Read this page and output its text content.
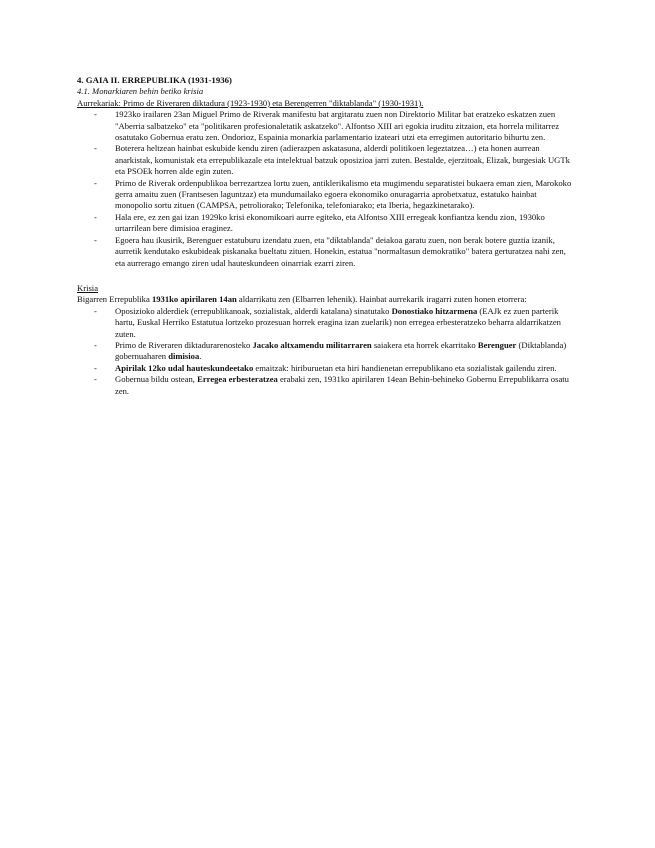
4. GAIA II. ERREPUBLIKA (1931-1936)

4.1. Monarkiaren behin betiko krisia

Aurrekariak: Primo de Riveraren diktadura (1923-1930) eta Berengerren "diktablanda" (1930-1931).

- 1923ko irailaren 23an Miguel Primo de Riverak manifestu bat argitaratu zuen non Direktorio Militar bat eratzeko eskatzen zuen "Aberria salbatzeko" eta "politikaren profesionaletatik askatzeko". Alfontso XIII ari egokia iruditu zitzaion, eta horrela militarrez osatutako Gobernua eratu zen. Ondorioz, Espainia monarkia parlamentario izateari utzi eta erregimen autoritario bihurtu zen.
- Boterera heltzean hainbat eskubide kendu ziren (adierazpen askatasuna, alderdi politikoen legeztatzea…) eta honen aurrean anarkistak, komunistak eta errepublikazale eta intelektual batzuk oposizioa jarri zuten. Bestalde, ejerzitoak, Elizak, burgesiak UGTk eta PSOEk horren alde egin zuten.
- Primo de Riverak ordenpublikoa berrezartzea lortu zuen, antiklerikalismo eta mugimendu separatistei bukaera eman zien, Marokoko gerra amaitu zuen (Frantsesen laguntzaz) eta mundumailako egoera ekonomiko onuragarria aprobetxatuz, estatuko hainbat monopolio sortu zituen (CAMPSA, petroliorako; Telefonika, telefoniarako; eta Iberia, hegazkinetarako).
- Hala ere, ez zen gai izan 1929ko krisi ekonomikoari aurre egiteko, eta Alfontso XIII erregeak konfiantza kendu zion, 1930ko urtarrilean bere dimisioa eraginez.
- Egoera hau ikusirik, Berenguer estatuburu izendatu zuen, eta "diktablanda" deiakoa garatu zuen, non berak botere guztia izanik, aurretik kendutako eskubideak piskanaka bueltatu zituen. Honekin, estatua "normaltasun demokratiko" batera gerturatzea nahi zen, eta aurrerago emango ziren udal hauteskundeen oinarriak ezarri ziren.

Krisia

Bigarren Errepublika 1931ko apirilaren 14an aldarrikatu zen (Elbarren lehenik). Hainbat aurrekarik iragarri zuten honen etorrera:

- Oposizioko alderdiek (errepublikanoak, sozialistak, alderdi katalana) sinatutako Donostiako hitzarmena (EAJk ez zuen parterik hartu, Euskal Herriko Estatutua lortzeko prozesuan horrek eragina izan zuelarik) non erregea erbesteratzeko beharra aldarrikatzen zuten.
- Primo de Riveraren diktadurarenosteko Jacako altxamendu militarraren saiakera eta horrek ekarritako Berenguer (Diktablanda) gobernuaharen dimisioa.
- Apirilak 12ko udal hauteskundeetako emaitzak: hiriburuetan eta hiri handienetan errepublikano eta sozialistak gailendu ziren.
- Gobernua bildu ostean, Erregea erbesteratzea erabaki zen, 1931ko apirilaren 14ean Behin-behineko Gobernu Errepublikarra osatu zen.
